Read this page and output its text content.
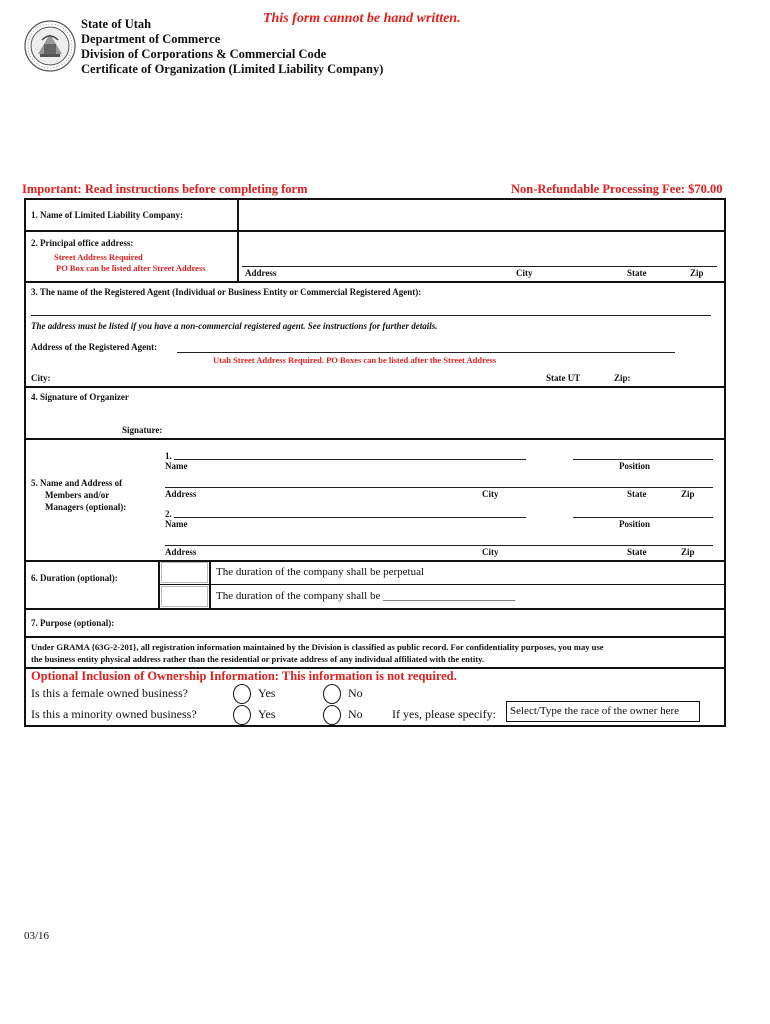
State of Utah
Department of Commerce
Division of Corporations & Commercial Code
Certificate of Organization (Limited Liability Company)
This form cannot be hand written.
Important: Read instructions before completing form	Non-Refundable Processing Fee: $70.00
1. Name of Limited Liability Company:
2. Principal office address:
Street Address Required
PO Box can be listed after Street Address	Address	City	State	Zip
3. The name of the Registered Agent (Individual or Business Entity or Commercial Registered Agent):
The address must be listed if you have a non-commercial registered agent. See instructions for further details.
Address of the Registered Agent:
Utah Street Address Required. PO Boxes can be listed after the Street Address
City:	State UT	Zip:
4. Signature of Organizer
Signature:
5. Name and Address of
Members and/or
Managers (optional):
1.
Name	Position
Address	City	State	Zip
2.
Name	Position
Address	City	State	Zip
6. Duration (optional):	The duration of the company shall be perpetual
The duration of the company shall be ________________________
7. Purpose (optional):
Under GRAMA {63G-2-201}, all registration information maintained by the Division is classified as public record. For confidentiality purposes, you may use
the business entity physical address rather than the residential or private address of any individual affiliated with the entity.
Optional Inclusion of Ownership Information: This information is not required.
Is this a female owned business?	Yes	No
Is this a minority owned business?	Yes	No If yes, please specify:	Select/Type the race of the owner here
03/16
